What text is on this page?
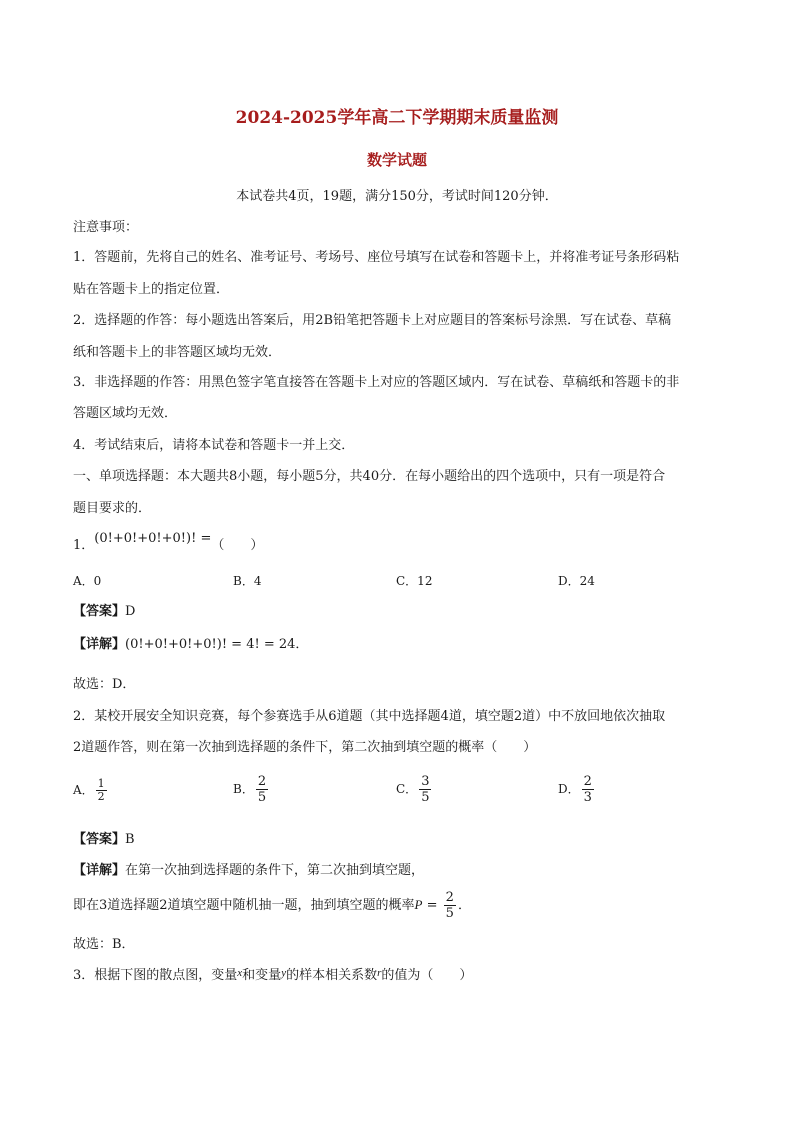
2024-2025学年高二下学期期末质量监测
数学试题
本试卷共4页，19题，满分150分，考试时间120分钟．
注意事项：
1．答题前，先将自己的姓名、准考证号、考场号、座位号填写在试卷和答题卡上，并将准考证号条形码粘
贴在答题卡上的指定位置．
2．选择题的作答：每小题选出答案后，用2B铅笔把答题卡上对应题目的答案标号涂黑．写在试卷、草稿
纸和答题卡上的非答题区域均无效．
3．非选择题的作答：用黑色签字笔直接答在答题卡上对应的答题区域内．写在试卷、草稿纸和答题卡的非
答题区域均无效．
4．考试结束后，请将本试卷和答题卡一并上交．
一、单项选择题：本大题共8小题，每小题5分，共40分．在每小题给出的四个选项中，只有一项是符合
题目要求的．
1．(0!+0!+0!+0!)! =（　　）
A．0	B．4	C．12	D．24
【答案】D
【详解】(0!+0!+0!+0!)! = 4! = 24．
故选：D．
2．某校开展安全知识竞赛，每个参赛选手从6道题（其中选择题4道，填空题2道）中不放回地依次抽取
2道题作答，则在第一次抽到选择题的条件下，第二次抽到填空题的概率（　　）
A． $\frac{1}{2}$	B． $\frac{2}{5}$	C． $\frac{3}{5}$	D． $\frac{2}{3}$
【答案】B
【详解】在第一次抽到选择题的条件下，第二次抽到填空题，
即在3道选择题2道填空题中随机抽一题，抽到填空题的概率$P = \frac{2}{5}$ ．
故选：B．
3．根据下图的散点图，变量$^x$和变量$^y$的样本相关系数$^r$的值为（　　）
